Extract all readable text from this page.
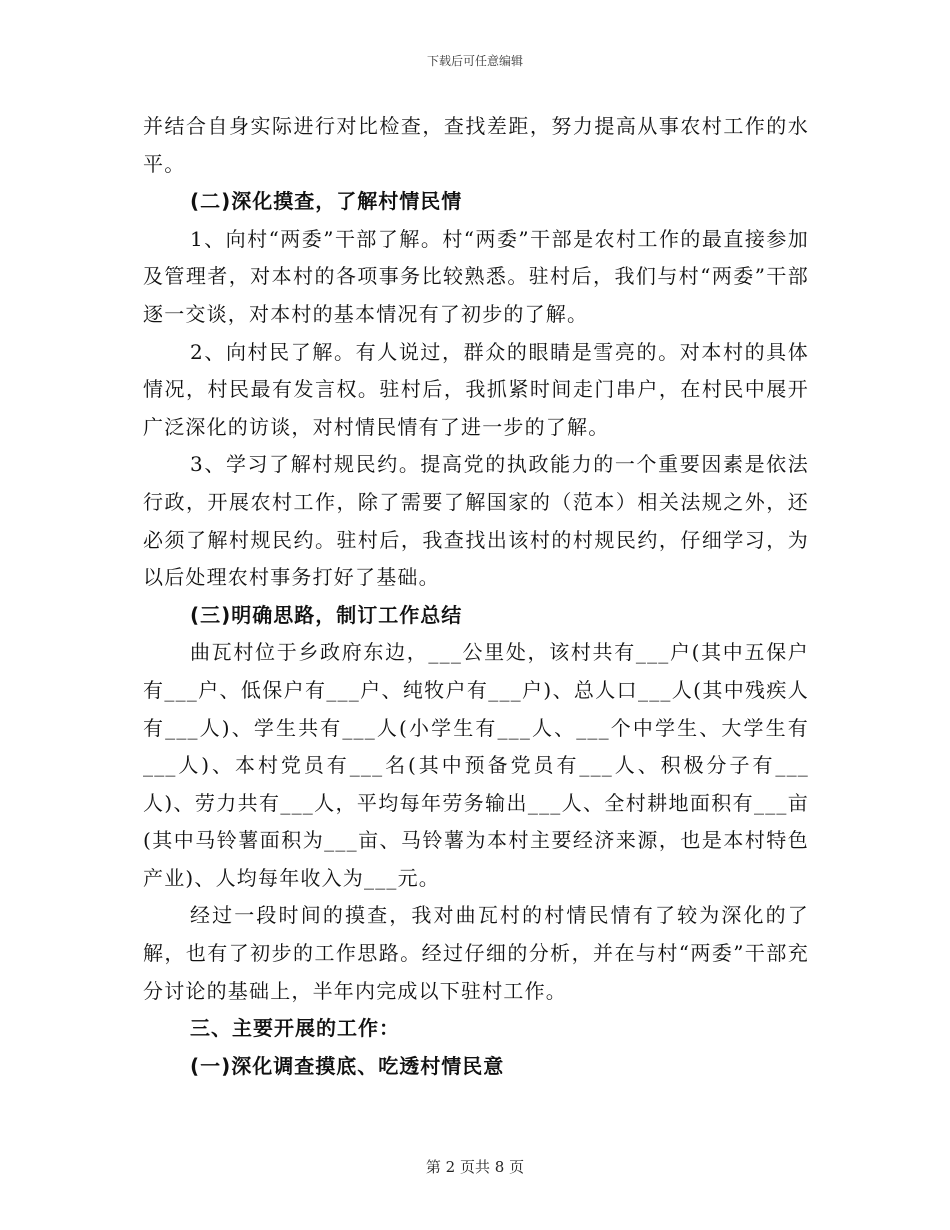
下载后可任意编辑

并结合自身实际进行对比检查，查找差距，努力提高从事农村工作的水平。

(二)深化摸查，了解村情民情

1、向村“两委”干部了解。村“两委”干部是农村工作的最直接参加及管理者，对本村的各项事务比较熟悉。驻村后，我们与村“两委”干部逐一交谈，对本村的基本情况有了初步的了解。

2、向村民了解。有人说过，群众的眼睛是雪亮的。对本村的具体情况，村民最有发言权。驻村后，我抓紧时间走门串户，在村民中展开广泛深化的访谈，对村情民情有了进一步的了解。

3、学习了解村规民约。提高党的执政能力的一个重要因素是依法行政，开展农村工作，除了需要了解国家的（范本）相关法规之外，还必须了解村规民约。驻村后，我查找出该村的村规民约，仔细学习，为以后处理农村事务打好了基础。

(三)明确思路，制订工作总结

曲瓦村位于乡政府东边，___公里处，该村共有___户(其中五保户有___户、低保户有___户、纯牧户有___户)、总人口___人(其中残疾人有___人)、学生共有___人(小学生有___人、___个中学生、大学生有___人)、本村党员有___名(其中预备党员有___人、积极分子有___人)、劳力共有___人，平均每年劳务输出___人、全村耕地面积有___亩(其中马铃薯面积为___亩、马铃薯为本村主要经济来源，也是本村特色产业)、人均每年收入为___元。

经过一段时间的摸查，我对曲瓦村的村情民情有了较为深化的了解，也有了初步的工作思路。经过仔细的分析，并在与村“两委”干部充分讨论的基础上，半年内完成以下驻村工作。

三、主要开展的工作：

(一)深化调查摸底、吃透村情民意

第 2 页共 8 页
